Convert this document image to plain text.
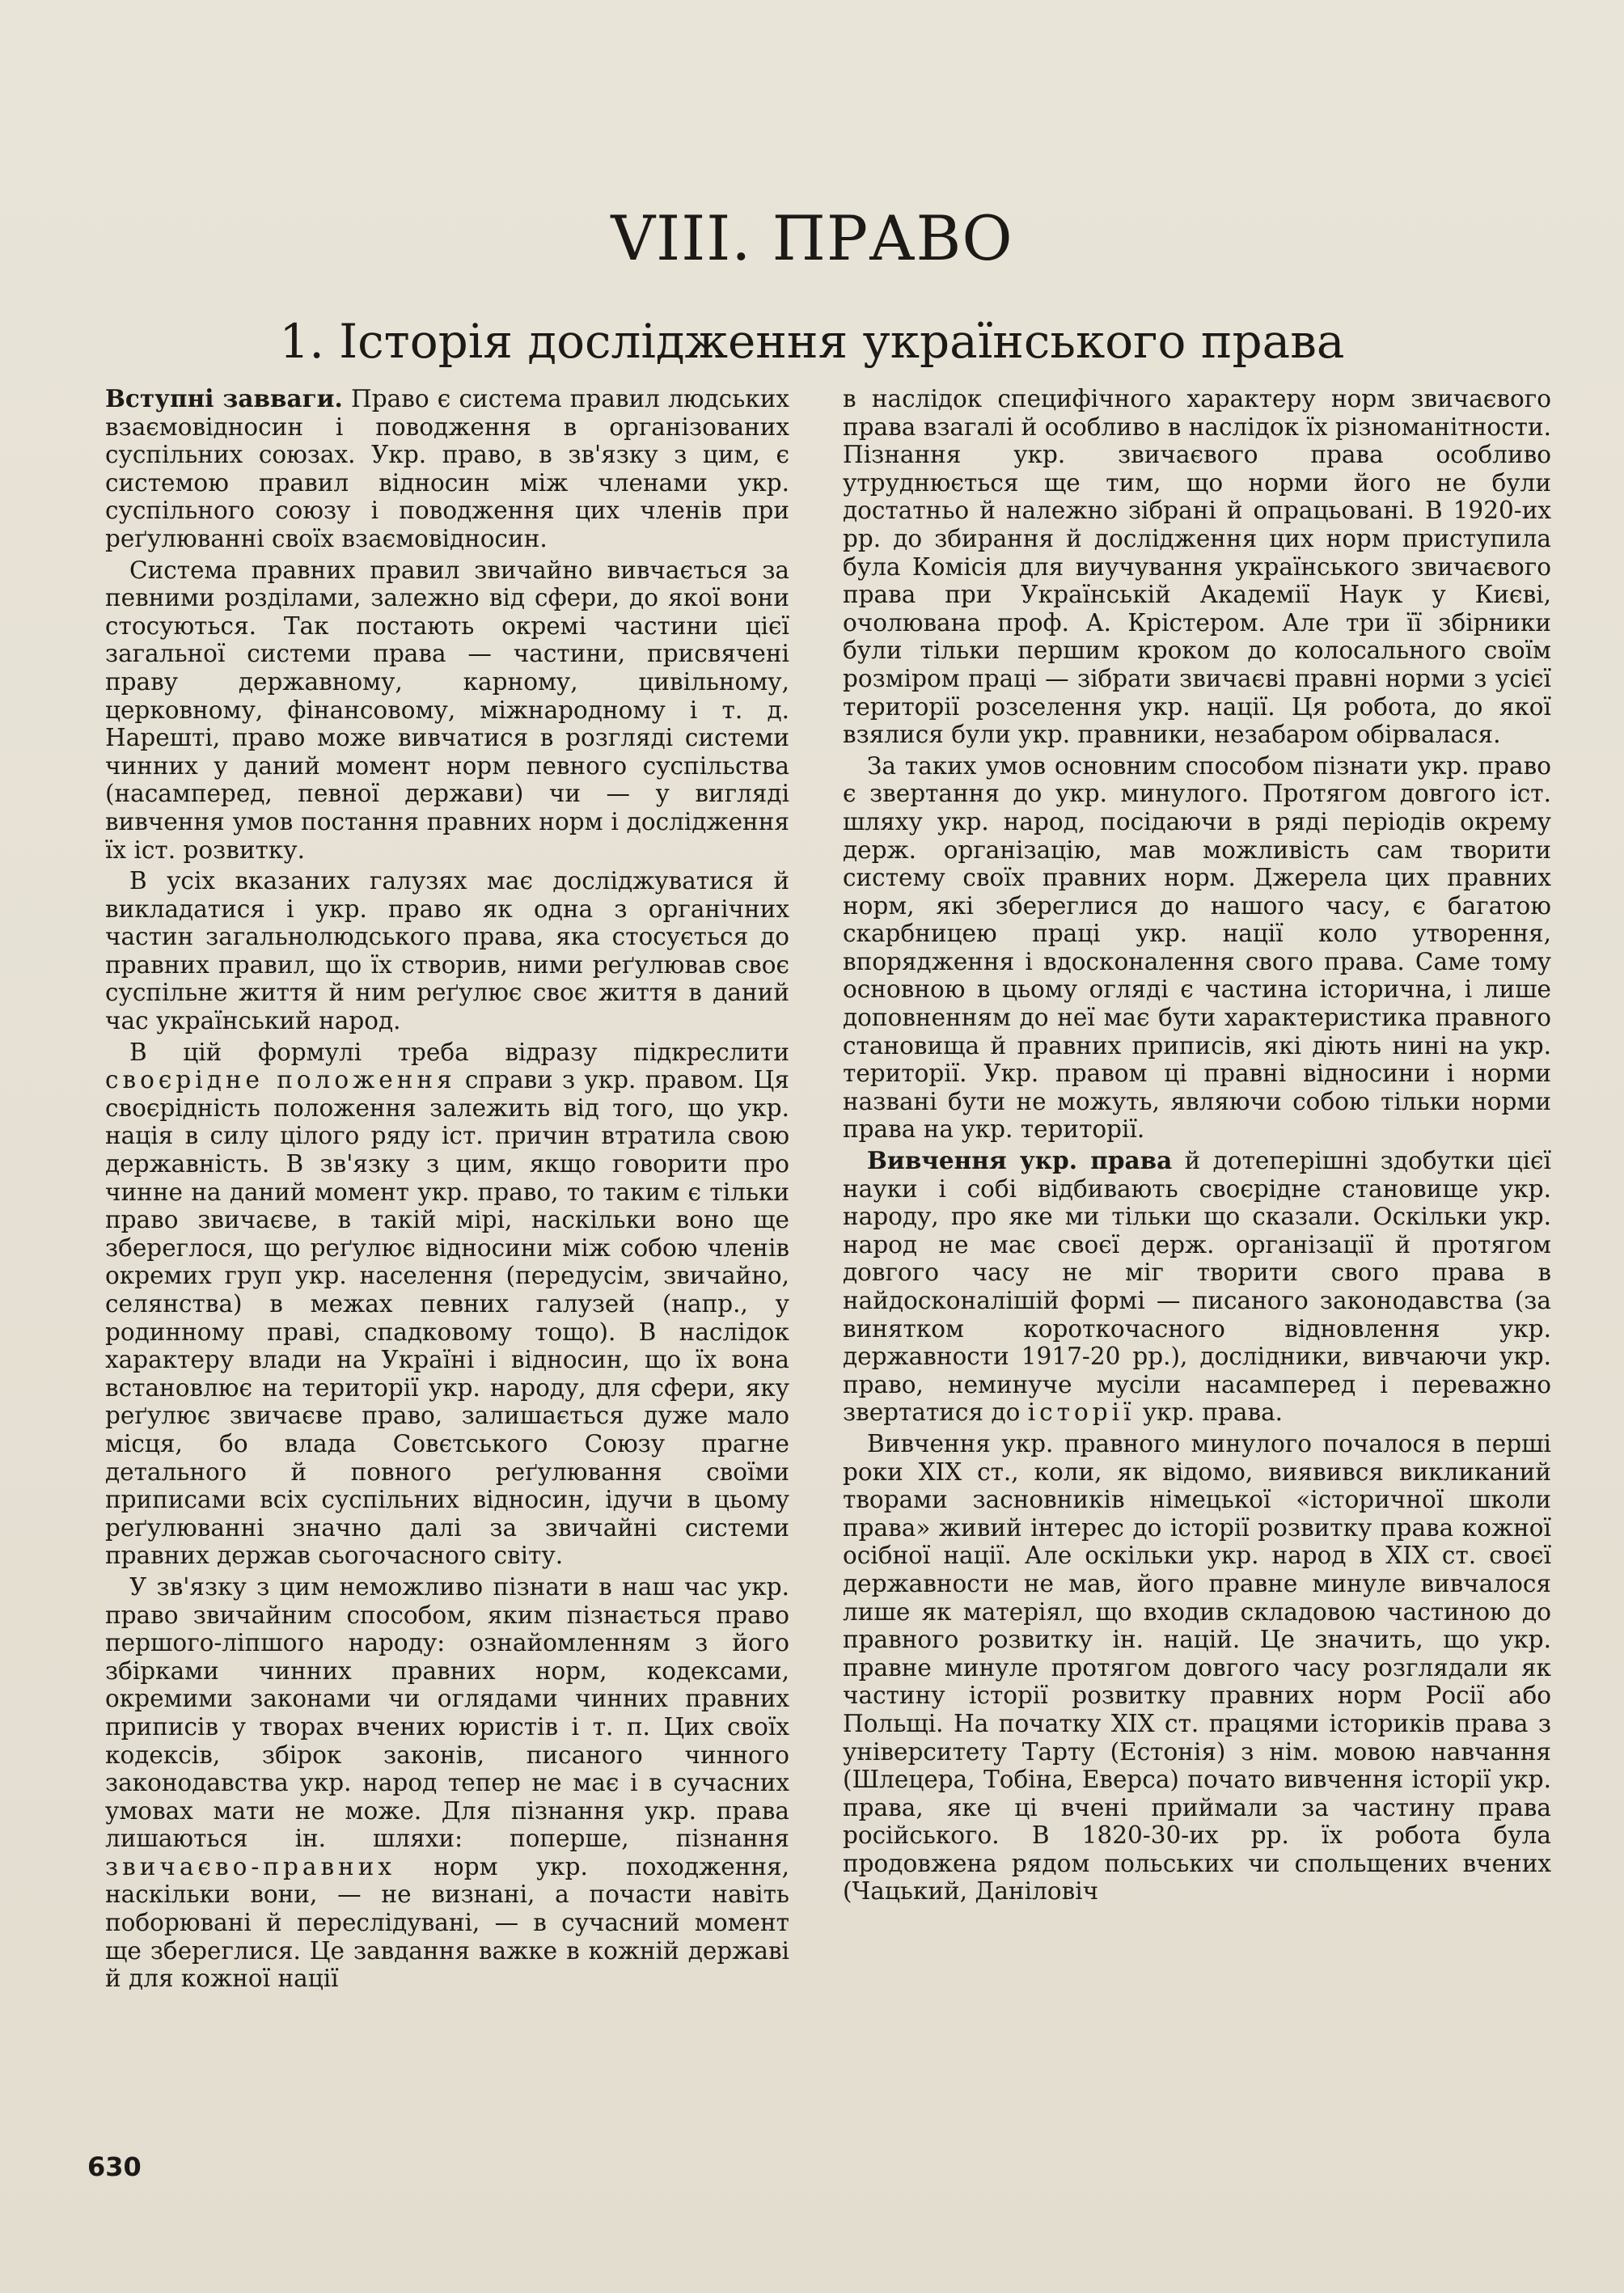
VIII. ПРАВО
1. Історія дослідження українського права

Вступні завваги. Право є система правил людських взаємовідносин і поводження в організованих суспільних союзах. Укр. право, в зв'язку з цим, є системою правил відносин між членами укр. суспільного союзу і поводження цих членів при реґулюванні своїх взаємовідносин.

Система правних правил звичайно вивчається за певними розділами, залежно від сфери, до якої вони стосуються. Так постають окремі частини цієї загальної системи права — частини, присвячені праву державному, карному, цивільному, церковному, фінансовому, міжнародному і т. д. Нарешті, право може вивчатися в розгляді системи чинних у даний момент норм певного суспільства (насамперед, певної держави) чи — у вигляді вивчення умов постання правних норм і дослідження їх іст. розвитку.

В усіх вказаних галузях має досліджуватися й викладатися і укр. право як одна з органічних частин загальнолюдського права, яка стосується до правних правил, що їх створив, ними реґулював своє суспільне життя й ним реґулює своє життя в даний час український народ.

В цій формулі треба відразу підкреслити своєрідне положення справи з укр. правом. Ця своєрідність положення залежить від того, що укр. нація в силу цілого ряду іст. причин втратила свою державність. В зв'язку з цим, якщо говорити про чинне на даний момент укр. право, то таким є тільки право звичаєве, в такій мірі, наскільки воно ще збереглося, що реґулює відносини між собою членів окремих груп укр. населення (передусім, звичайно, селянства) в межах певних галузей (напр., у родинному праві, спадковому тощо). В наслідок характеру влади на Україні і відносин, що їх вона встановлює на території укр. народу, для сфери, яку реґулює звичаєве право, залишається дуже мало місця, бо влада Совєтського Союзу прагне детального й повного реґулювання своїми приписами всіх суспільних відносин, ідучи в цьому реґулюванні значно далі за звичайні системи правних держав сьогочасного світу.

У зв'язку з цим неможливо пізнати в наш час укр. право звичайним способом, яким пізнається право першого-ліпшого народу: ознайомленням з його збірками чинних правних норм, кодексами, окремими законами чи оглядами чинних правних приписів у творах вчених юристів і т. п. Цих своїх кодексів, збірок законів, писаного чинного законодавства укр. народ тепер не має і в сучасних умовах мати не може. Для пізнання укр. права лишаються ін. шляхи: поперше, пізнання звичаєво-правних норм укр. походження, наскільки вони, — не визнані, а почасти навіть поборювані й переслідувані, — в сучасний момент ще збереглися. Це завдання важке в кожній державі й для кожної нації

в наслідок специфічного характеру норм звичаєвого права взагалі й особливо в наслідок їх різноманітности. Пізнання укр. звичаєвого права особливо утруднюється ще тим, що норми його не були достатньо й належно зібрані й опрацьовані. В 1920-их рр. до збирання й дослідження цих норм приступила була Комісія для виучування українського звичаєвого права при Українській Академії Наук у Києві, очолювана проф. А. Крістером. Але три її збірники були тільки першим кроком до колосального своїм розміром праці — зібрати звичаєві правні норми з усієї території розселення укр. нації. Ця робота, до якої взялися були укр. правники, незабаром обірвалася.

За таких умов основним способом пізнати укр. право є звертання до укр. минулого. Протягом довгого іст. шляху укр. народ, посідаючи в ряді періодів окрему держ. організацію, мав можливість сам творити систему своїх правних норм. Джерела цих правних норм, які збереглися до нашого часу, є багатою скарбницею праці укр. нації коло утворення, впорядження і вдосконалення свого права. Саме тому основною в цьому огляді є частина історична, і лише доповненням до неї має бути характеристика правного становища й правних приписів, які діють нині на укр. території. Укр. правом ці правні відносини і норми названі бути не можуть, являючи собою тільки норми права на укр. території.

Вивчення укр. права й дотеперішні здобутки цієї науки і собі відбивають своєрідне становище укр. народу, про яке ми тільки що сказали. Оскільки укр. народ не має своєї держ. організації й протягом довгого часу не міг творити свого права в найдосконалішій формі — писаного законодавства (за винятком короткочасного відновлення укр. державности 1917-20 рр.), дослідники, вивчаючи укр. право, неминуче мусіли насамперед і переважно звертатися до історії укр. права.

Вивчення укр. правного минулого почалося в перші роки XIX ст., коли, як відомо, виявився викликаний творами засновників німецької «історичної школи права» живий інтерес до історії розвитку права кожної осібної нації. Але оскільки укр. народ в XIX ст. своєї державности не мав, його правне минуле вивчалося лише як матеріял, що входив складовою частиною до правного розвитку ін. націй. Це значить, що укр. правне минуле протягом довгого часу розглядали як частину історії розвитку правних норм Росії або Польщі. На початку XIX ст. працями істориків права з університету Тарту (Естонія) з нім. мовою навчання (Шлецера, Тобіна, Еверса) почато вивчення історії укр. права, яке ці вчені приймали за частину права російського. В 1820-30-их рр. їх робота була продовжена рядом польських чи спольщених вчених (Чацький, Даніловіч

630
